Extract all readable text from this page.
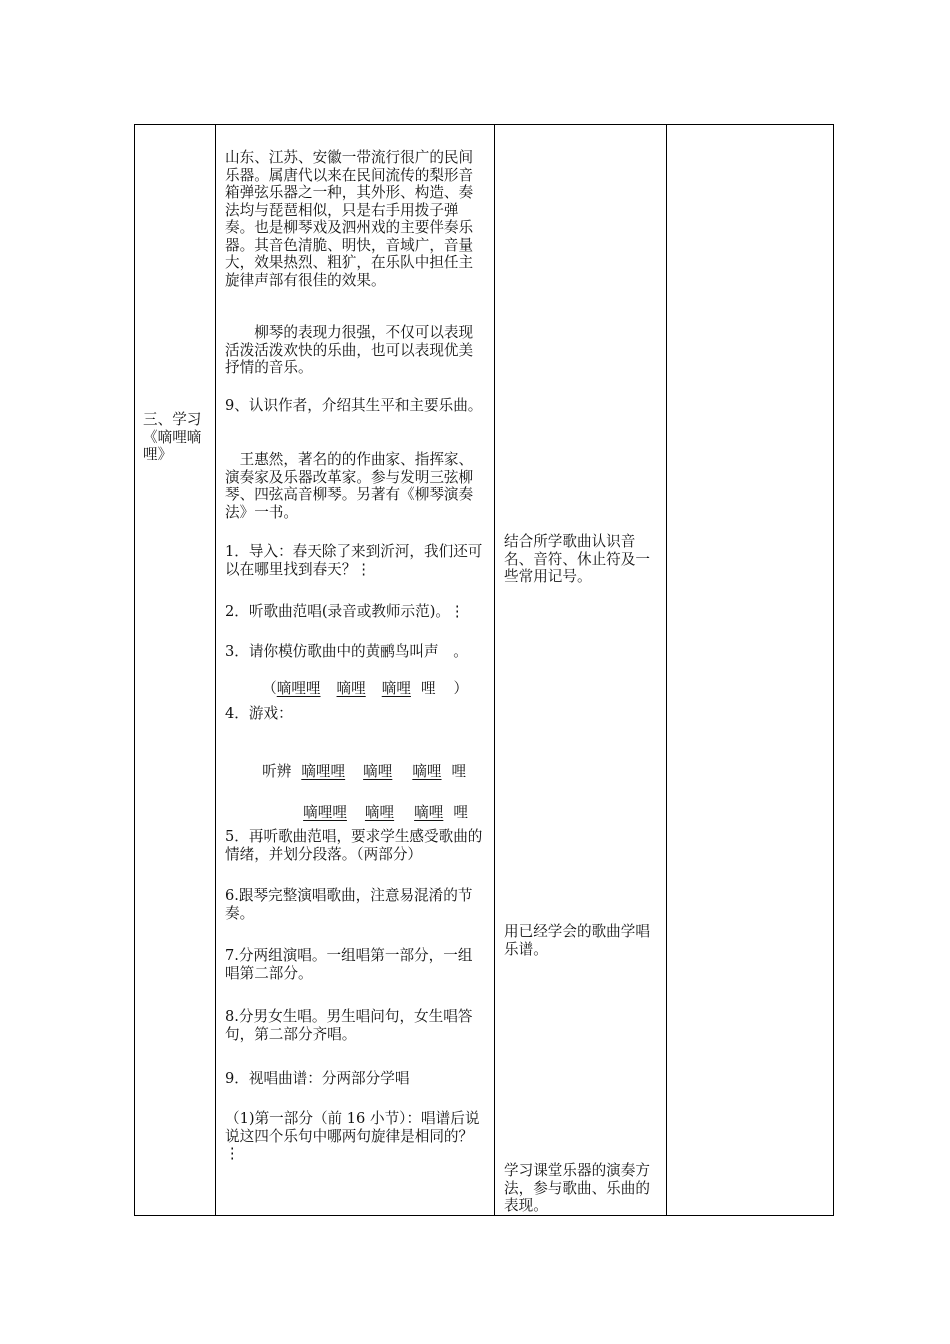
三、学习《嘀哩嘀哩》
山东、江苏、安徽一带流行很广的民间乐器。属唐代以来在民间流传的梨形音箱弹弦乐器之一种，其外形、构造、奏法均与琵琶相似，只是右手用拨子弹奏。也是柳琴戏及泗州戏的主要伴奏乐器。其音色清脆、明快，音域广，音量大，效果热烈、粗犷，在乐队中担任主旋律声部有很佳的效果。
　　柳琴的表现力很强，不仅可以表现活泼活泼欢快的乐曲，也可以表现优美抒情的音乐。
9、认识作者，介绍其生平和主要乐曲。
　王惠然，著名的的作曲家、指挥家、演奏家及乐器改革家。参与发明三弦柳琴、四弦高音柳琴。另著有《柳琴演奏法》一书。
1．导入：春天除了来到沂河，我们还可以在哪里找到春天？⋮
2．听歌曲范唱(录音或教师示范)。⋮
3．请你模仿歌曲中的黄鹂鸟叫声　。

（嘀哩哩 嘀哩 嘀哩 哩 ）

4．游戏：

听辨 嘀哩哩 嘀哩 嘀哩 哩

嘀哩哩 嘀哩 嘀哩 哩

5．再听歌曲范唱，要求学生感受歌曲的情绪，并划分段落。（两部分）
6.跟琴完整演唱歌曲，注意易混淆的节奏。
7.分两组演唱。一组唱第一部分，一组唱第二部分。
8.分男女生唱。男生唱问句，女生唱答句，第二部分齐唱。
9．视唱曲谱：分两部分学唱
（1)第一部分（前 16 小节）：唱谱后说说这四个乐句中哪两句旋律是相同的？⋮
结合所学歌曲认识音名、音符、休止符及一些常用记号。
用已经学会的歌曲学唱乐谱。
学习课堂乐器的演奏方法，参与歌曲、乐曲的表现。
